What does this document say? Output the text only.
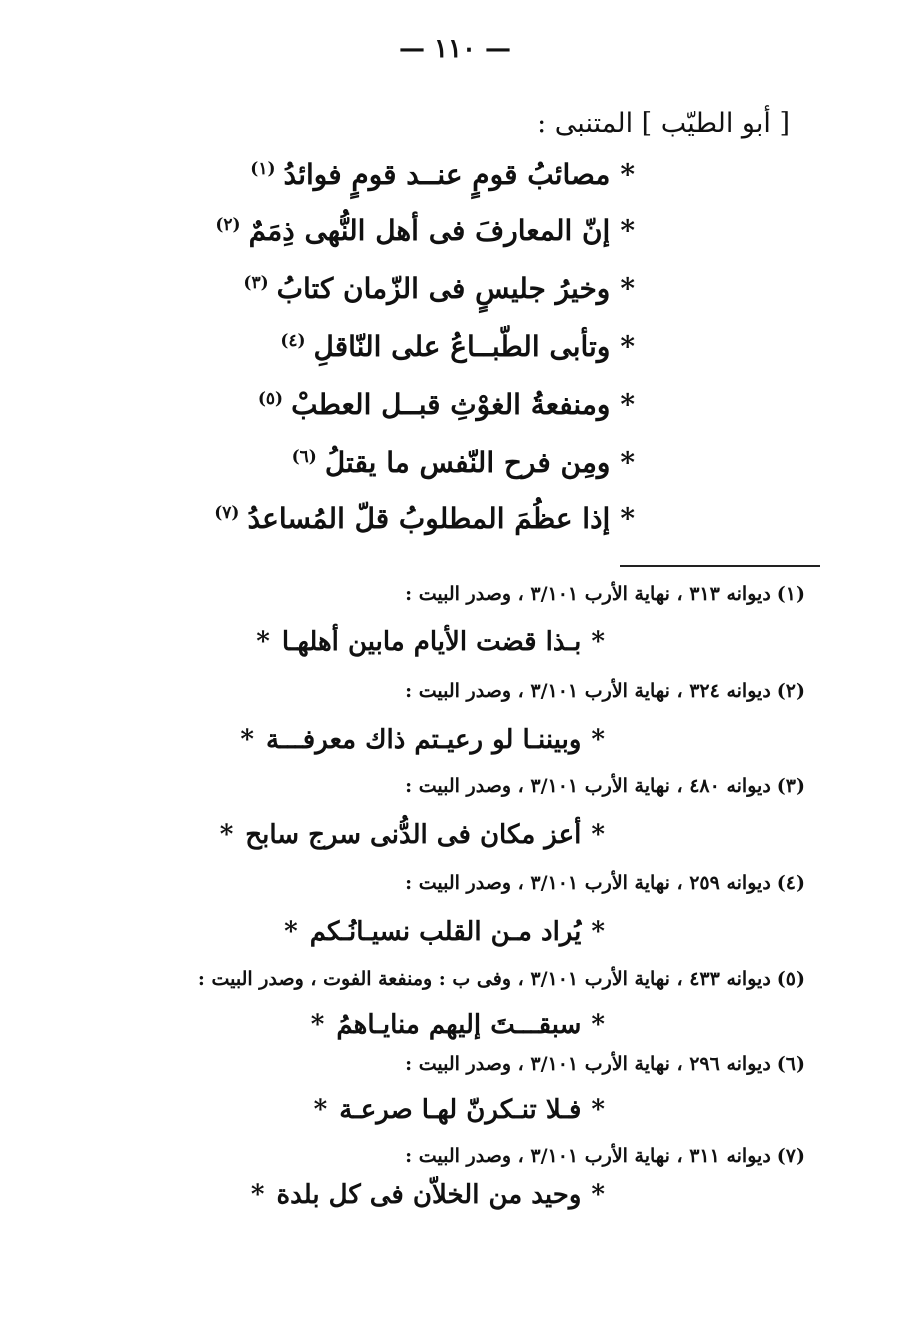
— ١١٠ —
[ أبو الطيّب ] المتنبى :
*مصائبُ قومٍ عنــد قومٍ فوائدُ$^{(١)}$
*إنّ المعارفَ فى أهل النُّهى ذِمَمٌ$^{(٢)}$
*وخيرُ جليسٍ فى الزّمان كتابُ$^{(٣)}$
*وتأبى الطّبــاعُ على النّاقلِ$^{(٤)}$
*ومنفعةُ الغوْثِ قبــل العطبْ$^{(٥)}$
*ومِن فرح النّفس ما يقتلُ$^{(٦)}$
*إذا عظُمَ المطلوبُ قلّ المُساعدُ$^{(٧)}$
(١)ديوانه ٣١٣ ، نهاية الأرب ٣/١٠١ ، وصدر البيت :
*بـذا قضت الأيام مابين أهلهـا*
(٢)ديوانه ٣٢٤ ، نهاية الأرب ٣/١٠١ ، وصدر البيت :
*وبيننـا لو رعيـتم ذاك معرفـــة*
(٣)ديوانه ٤٨٠ ، نهاية الأرب ٣/١٠١ ، وصدر البيت :
*أعز مكان فى الدُّنى سرج سابح*
(٤)ديوانه ٢٥٩ ، نهاية الأرب ٣/١٠١ ، وصدر البيت :
*يُراد مـن القلب نسيـانُـكم*
(٥)ديوانه ٤٣٣ ، نهاية الأرب ٣/١٠١ ، وفى ب : ومنفعة الفوت ، وصدر البيت :
*سبقـــتَ إليهم منايـاهمُ*
(٦)ديوانه ٢٩٦ ، نهاية الأرب ٣/١٠١ ، وصدر البيت :
*فـلا تنـكرنّ لهـا صرعـة*
(٧)ديوانه ٣١١ ، نهاية الأرب ٣/١٠١ ، وصدر البيت :
*وحيد من الخلاّن فى كل بلدة*
